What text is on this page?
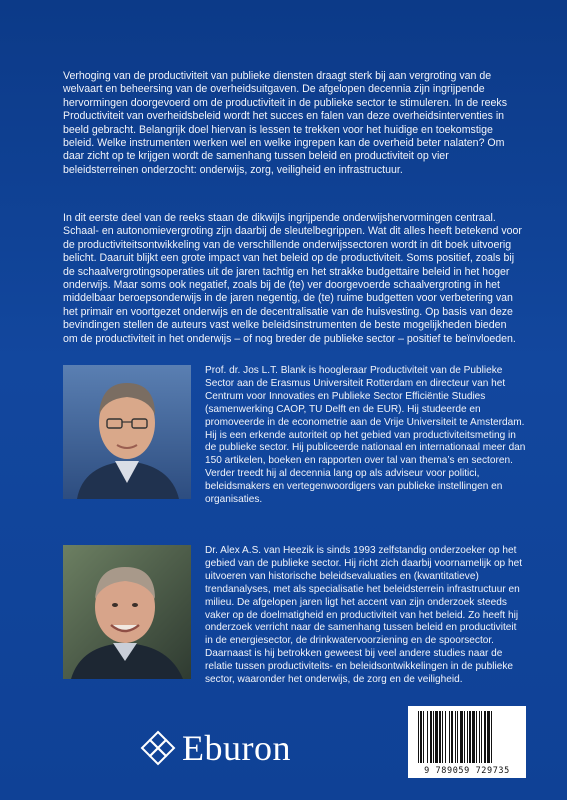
Verhoging van de productiviteit van publieke diensten draagt sterk bij aan vergroting van de welvaart en beheersing van de overheidsuitgaven. De afgelopen decennia zijn ingrijpende hervormingen doorgevoerd om de productiviteit in de publieke sector te stimuleren. In de reeks Productiviteit van overheidsbeleid wordt het succes en falen van deze overheidsinterventies in beeld gebracht. Belangrijk doel hiervan is lessen te trekken voor het huidige en toekomstige beleid. Welke instrumenten werken wel en welke ingrepen kan de overheid beter nalaten? Om daar zicht op te krijgen wordt de samenhang tussen beleid en productiviteit op vier beleidsterreinen onderzocht: onderwijs, zorg, veiligheid en infrastructuur.

In dit eerste deel van de reeks staan de dikwijls ingrijpende onderwijshervormingen centraal. Schaal- en autonomievergroting zijn daarbij de sleutelbegrippen. Wat dit alles heeft betekend voor de productiviteitsontwikkeling van de verschillende onderwijssectoren wordt in dit boek uitvoerig belicht. Daaruit blijkt een grote impact van het beleid op de productiviteit. Soms positief, zoals bij de schaalvergrotingsoperaties uit de jaren tachtig en het strakke budgettaire beleid in het hoger onderwijs. Maar soms ook negatief, zoals bij de (te) ver doorgevoerde schaalvergroting in het middelbaar beroepsonderwijs in de jaren negentig, de (te) ruime budgetten voor verbetering van het primair en voortgezet onderwijs en de decentralisatie van de huisvesting. Op basis van deze bevindingen stellen de auteurs vast welke beleidsinstrumenten de beste mogelijkheden bieden om de productiviteit in het onderwijs – of nog breder de publieke sector – positief te beïnvloeden.

Prof. dr. Jos L.T. Blank is hoogleraar Productiviteit van de Publieke Sector aan de Erasmus Universiteit Rotterdam en directeur van het Centrum voor Innovaties en Publieke Sector Efficiëntie Studies (samenwerking CAOP, TU Delft en de EUR). Hij studeerde en promoveerde in de econometrie aan de Vrije Universiteit te Amsterdam. Hij is een erkende autoriteit op het gebied van productiviteitsmeting in de publieke sector. Hij publiceerde nationaal en internationaal meer dan 150 artikelen, boeken en rapporten over tal van thema’s en sectoren. Verder treedt hij al decennia lang op als adviseur voor politici, beleidsmakers en vertegenwoordigers van publieke instellingen en organisaties.

Dr. Alex A.S. van Heezik is sinds 1993 zelfstandig onderzoeker op het gebied van de publieke sector. Hij richt zich daarbij voornamelijk op het uitvoeren van historische beleidsevaluaties en (kwantitatieve) trendanalyses, met als specialisatie het beleidsterrein infrastructuur en milieu. De afgelopen jaren ligt het accent van zijn onderzoek steeds vaker op de doelmatigheid en productiviteit van het beleid. Zo heeft hij onderzoek verricht naar de samenhang tussen beleid en productiviteit in de energiesector, de drinkwatervoorziening en de spoorsector. Daarnaast is hij betrokken geweest bij veel andere studies naar de relatie tussen productiviteits- en beleidsontwikkelingen in de publieke sector, waaronder het onderwijs, de zorg en de veiligheid.

Eburon
9 789059 729735
